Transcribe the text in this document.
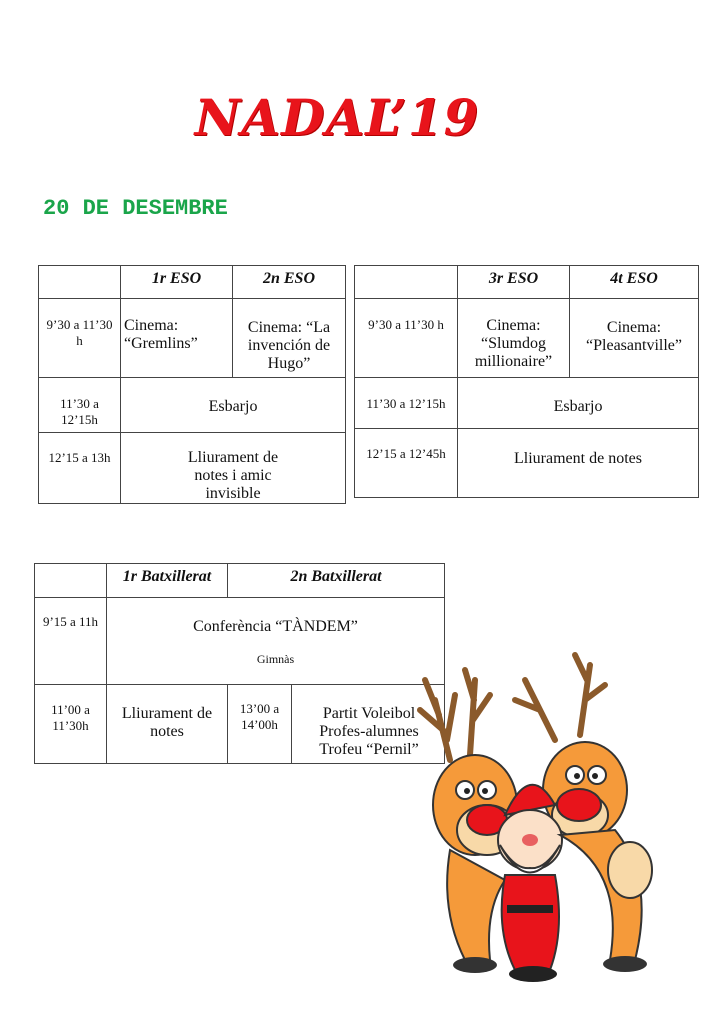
NADAL’19
20 DE DESEMBRE
	1r ESO	2n ESO
9’30 a 11’30 h	Cinema: “Gremlins”	Cinema: “La invención de Hugo”
11’30 a 12’15h	Esbarjo	
12’15 a 13h	Lliurament de notes i amic invisible	
	3r ESO	4t ESO
9’30 a 11’30 h	Cinema: “Slumdog millionaire”	Cinema: “Pleasantville”
11’30 a 12’15h	Esbarjo	
12’15 a 12’45h	Lliurament de notes	
	1r Batxillerat	2n Batxillerat	
9’15 a 11h	Conferència “TÀNDEM”
Gimnàs		

11’00 a 11’30h	Lliurament de notes	13’00 a 14’00h	Partit Voleibol Profes-alumnes Trofeu “Pernil”
